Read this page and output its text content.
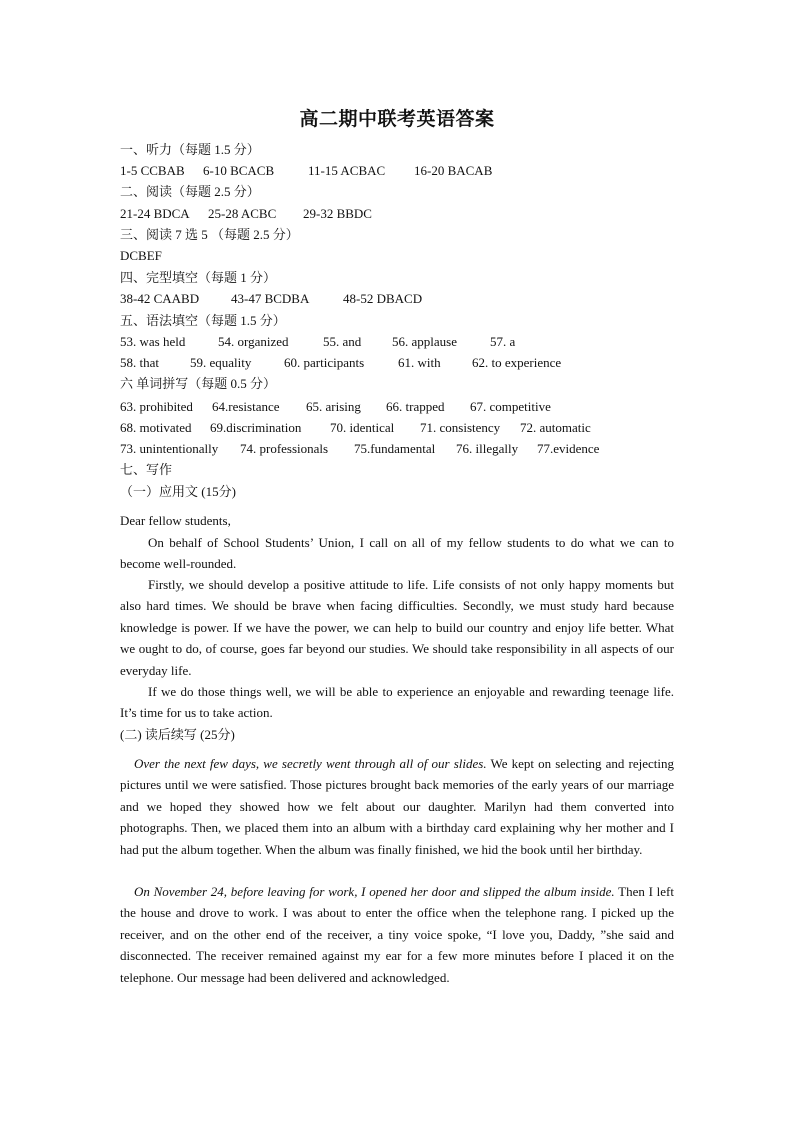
高二期中联考英语答案
一、听力（每题 1.5 分）
1-5 CCBAB 6-10 BCACB	11-15 ACBAC 16-20 BACAB
二、阅读（每题 2.5 分）
21-24 BDCA 25-28 ACBC 29-32 BBDC
三、阅读 7 选 5 （每题 2.5 分）
DCBEF
四、完型填空（每题 1 分）
38-42 CAABD 43-47 BCDBA	48-52 DBACD
五、语法填空（每题 1.5 分）
53. was held	54. organized	55. and 56. applause	57. a
58. that 59. equality	60. participants	61. with 62. to experience
六 单词拼写（每题 0.5 分）
63. prohibited 64.resistance 65. arising 66. trapped 67. competitive
68. motivated 69.discrimination 70. identical 71. consistency 72. automatic
73. unintentionally 74. professionals 75.fundamental 76. illegally 77.evidence
七、写作
（一）应用文 (15分)
Dear fellow students,
On behalf of School Students’ Union, I call on all of my fellow students to do what we can to become well-rounded.
Firstly, we should develop a positive attitude to life. Life consists of not only happy moments but also hard times. We should be brave when facing difficulties. Secondly, we must study hard because knowledge is power. If we have the power, we can help to build our country and enjoy life better. What we ought to do, of course, goes far beyond our studies. We should take responsibility in all aspects of our everyday life.
If we do those things well, we will be able to experience an enjoyable and rewarding teenage life. It’s time for us to take action.
(二) 读后续写 (25分)
Over the next few days, we secretly went through all of our slides. We kept on selecting and rejecting pictures until we were satisfied. Those pictures brought back memories of the early years of our marriage and we hoped they showed how we felt about our daughter. Marilyn had them converted into photographs. Then, we placed them into an album with a birthday card explaining why her mother and I had put the album together. When the album was finally finished, we hid the book until her birthday.
On November 24, before leaving for work, I opened her door and slipped the album inside. Then I left the house and drove to work. I was about to enter the office when the telephone rang. I picked up the receiver, and on the other end of the receiver, a tiny voice spoke, “I love you, Daddy, ”she said and disconnected. The receiver remained against my ear for a few more minutes before I placed it on the telephone. Our message had been delivered and acknowledged.
